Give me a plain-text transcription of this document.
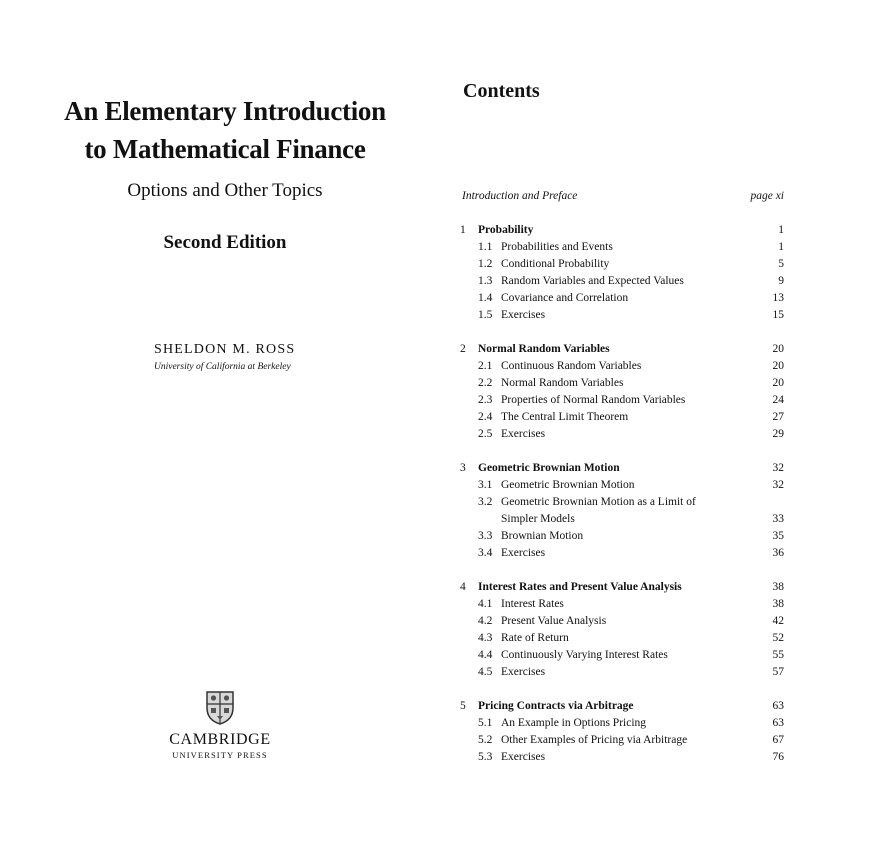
An Elementary Introduction
to Mathematical Finance
Options and Other Topics
Second Edition
SHELDON M. ROSS
University of California at Berkeley
CAMBRIDGE
UNIVERSITY PRESS
Contents
Introduction and Preface	page xi
1 Probability	1
1.1 Probabilities and Events	1
1.2 Conditional Probability	5
1.3 Random Variables and Expected Values	9
1.4 Covariance and Correlation	13
1.5 Exercises	15
2 Normal Random Variables	20
2.1 Continuous Random Variables	20
2.2 Normal Random Variables	20
2.3 Properties of Normal Random Variables	24
2.4 The Central Limit Theorem	27
2.5 Exercises	29
3 Geometric Brownian Motion	32
3.1 Geometric Brownian Motion	32
3.2 Geometric Brownian Motion as a Limit of
Simpler Models	33
3.3 Brownian Motion	35
3.4 Exercises	36
4 Interest Rates and Present Value Analysis	38
4.1 Interest Rates	38
4.2 Present Value Analysis	42
4.3 Rate of Return	52
4.4 Continuously Varying Interest Rates	55
4.5 Exercises	57
5 Pricing Contracts via Arbitrage	63
5.1 An Example in Options Pricing	63
5.2 Other Examples of Pricing via Arbitrage	67
5.3 Exercises	76
